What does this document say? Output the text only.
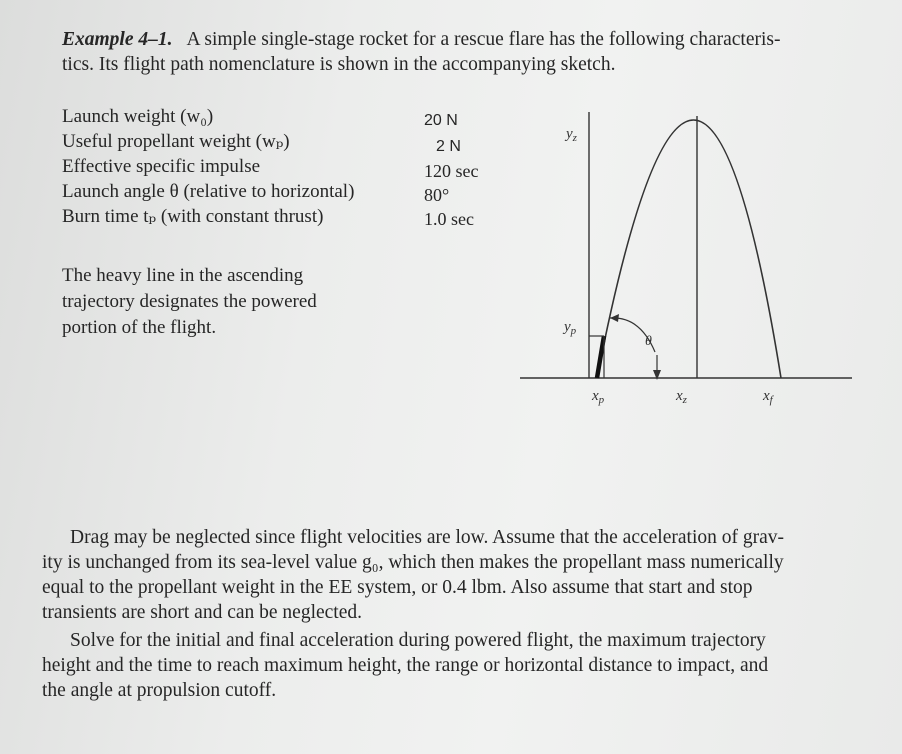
Example 4–1. A simple single-stage rocket for a rescue flare has the following characteris-
tics. Its flight path nomenclature is shown in the accompanying sketch.
Launch weight (w₀)
Useful propellant weight (wₚ)
Effective specific impulse
Launch angle θ (relative to horizontal)
Burn time tₚ (with constant thrust)
20 N
2 N
120 sec
80°
1.0 sec
The heavy line in the ascending
trajectory designates the powered
portion of the flight.
$y_z$
$y_p$
θ
$x_p$	$x_z$	$x_f$
Drag may be neglected since flight velocities are low. Assume that the acceleration of grav-
ity is unchanged from its sea-level value g₀, which then makes the propellant mass numerically
equal to the propellant weight in the EE system, or 0.4 lbm. Also assume that start and stop
transients are short and can be neglected.
Solve for the initial and final acceleration during powered flight, the maximum trajectory
height and the time to reach maximum height, the range or horizontal distance to impact, and
the angle at propulsion cutoff.
